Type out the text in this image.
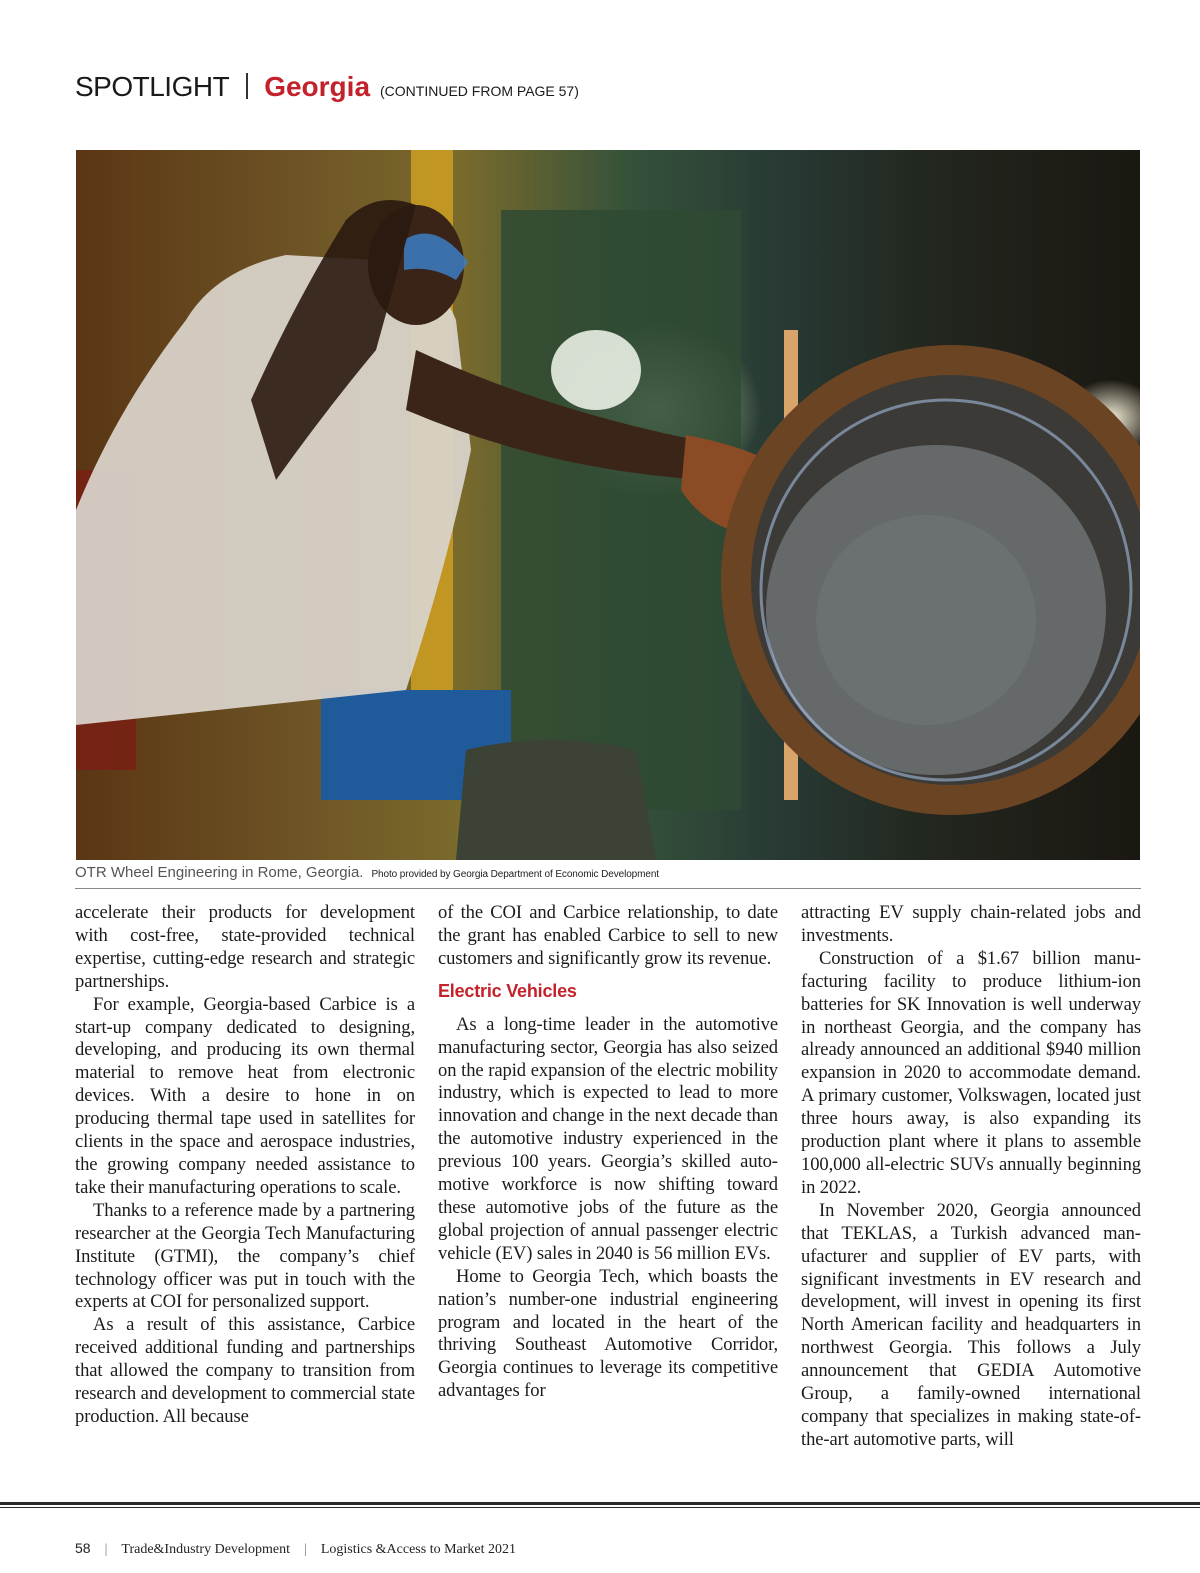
SPOTLIGHT Georgia (CONTINUED FROM PAGE 57)
OTR Wheel Engineering in Rome, Georgia. Photo provided by Georgia Department of Economic Development

accelerate their products for development with cost-free, state-provided technical expertise, cutting-edge research and strategic partnerships.

For example, Georgia-based Carbice is a start-up company dedicated to designing, developing, and producing its own thermal material to remove heat from electronic devices. With a desire to hone in on producing thermal tape used in satellites for clients in the space and aerospace industries, the growing company needed assistance to take their manufacturing operations to scale.

Thanks to a reference made by a partnering researcher at the Georgia Tech Manufacturing Institute (GTMI), the company’s chief technology officer was put in touch with the experts at COI for personalized support.

As a result of this assistance, Carbice received additional funding and partnerships that allowed the company to transition from research and development to commercial state production. All because

of the COI and Carbice relationship, to date the grant has enabled Carbice to sell to new customers and significantly grow its revenue.

Electric Vehicles

As a long-time leader in the automotive manufacturing sector, Georgia has also seized on the rapid expansion of the electric mobility industry, which is expected to lead to more innovation and change in the next decade than the automotive industry experienced in the previous 100 years. Georgia’s skilled automotive workforce is now shifting toward these automotive jobs of the future as the global projection of annual passenger electric vehicle (EV) sales in 2040 is 56 million EVs.

Home to Georgia Tech, which boasts the nation’s number-one industrial engineering program and located in the heart of the thriving Southeast Automotive Corridor, Georgia continues to leverage its competitive advantages for

attracting EV supply chain-related jobs and investments.

Construction of a $1.67 billion manufacturing facility to produce lithium-ion batteries for SK Innovation is well underway in northeast Georgia, and the company has already announced an additional $940 million expansion in 2020 to accommodate demand. A primary customer, Volkswagen, located just three hours away, is also expanding its production plant where it plans to assemble 100,000 all-electric SUVs annually beginning in 2022.

In November 2020, Georgia announced that TEKLAS, a Turkish advanced manufacturer and supplier of EV parts, with significant investments in EV research and development, will invest in opening its first North American facility and headquarters in northwest Georgia. This follows a July announcement that GEDIA Automotive Group, a family-owned international company that specializes in making state-of-the-art automotive parts, will

58 | Trade&Industry Development | Logistics &Access to Market 2021
